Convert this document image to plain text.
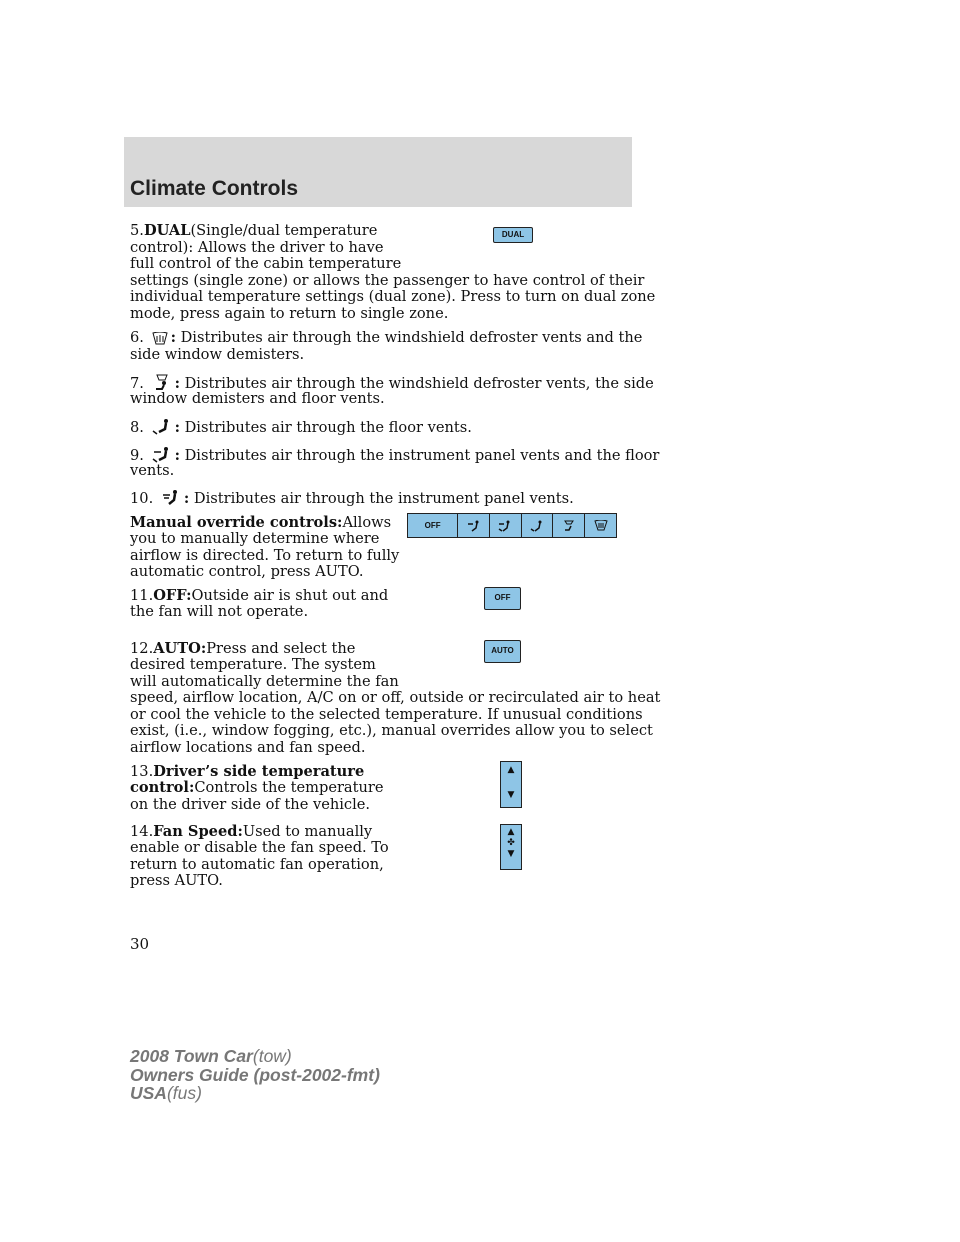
Climate Controls

5.DUAL(Single/dual temperature

control): Allows the driver to have

full control of the cabin temperature

settings (single zone) or allows the passenger to have control of their

individual temperature settings (dual zone). Press to turn on dual zone

mode, press again to return to single zone.

DUAL

6. : Distributes air through the windshield defroster vents and the

side window demisters.

7. : Distributes air through the windshield defroster vents, the side

window demisters and floor vents.

8. : Distributes air through the floor vents.

9. : Distributes air through the instrument panel vents and the floor

vents.

10. : Distributes air through the instrument panel vents.

Manual override controls:Allows

you to manually determine where

airflow is directed. To return to fully

automatic control, press AUTO.

OFF

11.OFF:Outside air is shut out and

the fan will not operate.

OFF

12.AUTO:Press and select the

desired temperature. The system

will automatically determine the fan

speed, airflow location, A/C on or off, outside or recirculated air to heat

or cool the vehicle to the selected temperature. If unusual conditions

exist, (i.e., window fogging, etc.), manual overrides allow you to select

airflow locations and fan speed.
AUTO

13.Driver’s side temperature

control:Controls the temperature

on the driver side of the vehicle.

▲
▼

14.Fan Speed:Used to manually

enable or disable the fan speed. To

return to automatic fan operation,

press AUTO.

▲
✤
▼
30
2008 Town Car(tow)
Owners Guide (post-2002-fmt)
USA(fus)
